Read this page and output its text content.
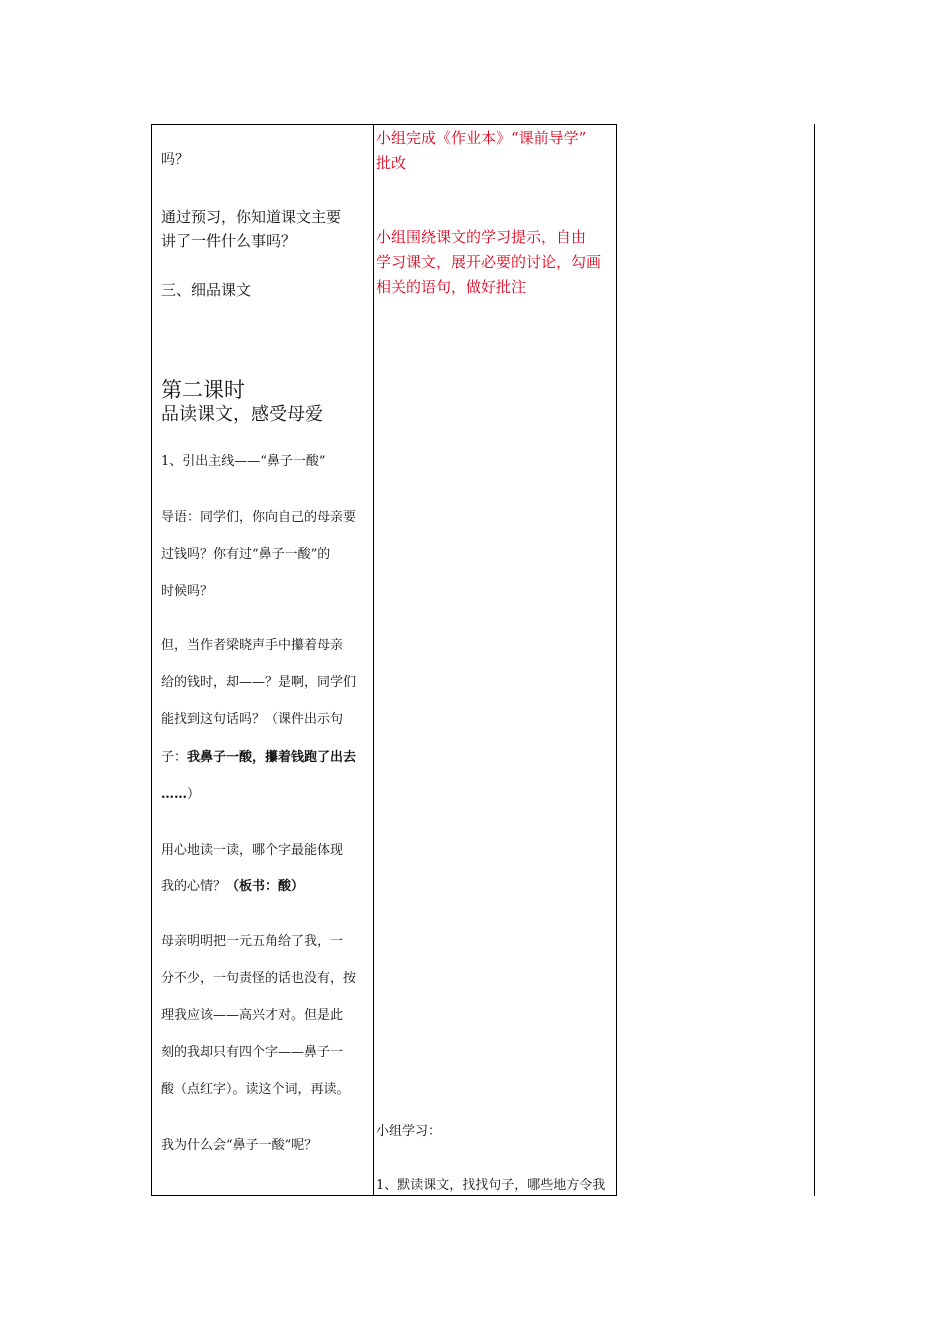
吗？
通过预习，你知道课文主要
讲了一件什么事吗？
三、细品课文
第二课时
品读课文，感受母爱
1、引出主线——“鼻子一酸”
导语：同学们，你向自己的母亲要
过钱吗？你有过“鼻子一酸”的
时候吗？
但，当作者梁晓声手中攥着母亲
给的钱时，却——？是啊，同学们
能找到这句话吗？（课件出示句
子：我鼻子一酸，攥着钱跑了出去
……）
用心地读一读，哪个字最能体现
我的心情？（板书：酸）
母亲明明把一元五角给了我，一
分不少，一句责怪的话也没有，按
理我应该——高兴才对。但是此
刻的我却只有四个字——鼻子一
酸（点红字）。读这个词，再读。
我为什么会“鼻子一酸”呢？
小组完成《作业本》“课前导学”
批改
小组围绕课文的学习提示，自由
学习课文，展开必要的讨论，勾画
相关的语句，做好批注
小组学习：
1、默读课文，找找句子，哪些地方令我
